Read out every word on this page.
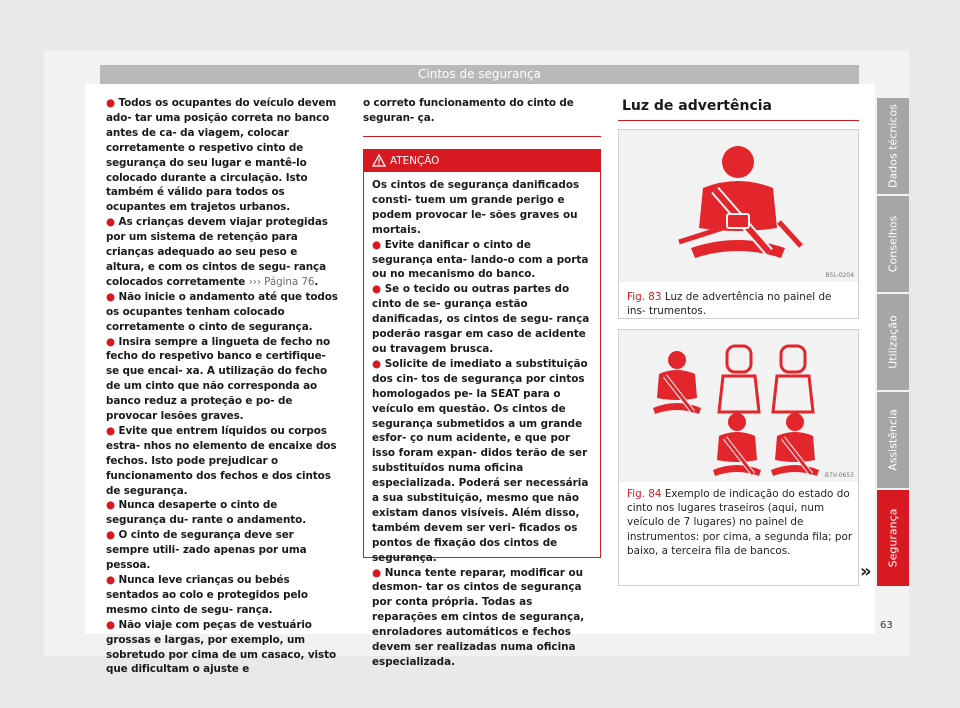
Cintos de segurança

● Todos os ocupantes do veículo devem ado- tar uma posição correta no banco antes de ca- da viagem, colocar corretamente o respetivo cinto de segurança do seu lugar e mantê-lo colocado durante a circulação. Isto também é válido para todos os ocupantes em trajetos urbanos.

● As crianças devem viajar protegidas por um sistema de retenção para crianças adequado ao seu peso e altura, e com os cintos de segu- rança colocados corretamente ››› Página 76.

● Não inicie o andamento até que todos os ocupantes tenham colocado corretamente o cinto de segurança.

● Insira sempre a lingueta de fecho no fecho do respetivo banco e certifique-se que encai- xa. A utilização do fecho de um cinto que não corresponda ao banco reduz a proteção e po- de provocar lesões graves.

● Evite que entrem líquidos ou corpos estra- nhos no elemento de encaixe dos fechos. Isto pode prejudicar o funcionamento dos fechos e dos cintos de segurança.

● Nunca desaperte o cinto de segurança du- rante o andamento.

● O cinto de segurança deve ser sempre utili- zado apenas por uma pessoa.

● Nunca leve crianças ou bebés sentados ao colo e protegidos pelo mesmo cinto de segu- rança.

● Não viaje com peças de vestuário grossas e largas, por exemplo, um sobretudo por cima de um casaco, visto que dificultam o ajuste e

o correto funcionamento do cinto de seguran- ça.
ATENÇÃO

Os cintos de segurança danificados consti- tuem um grande perigo e podem provocar le- sões graves ou mortais.

● Evite danificar o cinto de segurança enta- lando-o com a porta ou no mecanismo do banco.

● Se o tecido ou outras partes do cinto de se- gurança estão danificadas, os cintos de segu- rança poderão rasgar em caso de acidente ou travagem brusca.

● Solicite de imediato a substituição dos cin- tos de segurança por cintos homologados pe- la SEAT para o veículo em questão. Os cintos de segurança submetidos a um grande esfor- ço num acidente, e que por isso foram expan- didos terão de ser substituídos numa oficina especializada. Poderá ser necessária a sua substituição, mesmo que não existam danos visíveis. Além disso, também devem ser veri- ficados os pontos de fixação dos cintos de segurança.

● Nunca tente reparar, modificar ou desmon- tar os cintos de segurança por conta própria. Todas as reparações em cintos de segurança, enroladores automáticos e fechos devem ser realizadas numa oficina especializada.

Luz de advertência
B5L-0204
Fig. 83 Luz de advertência no painel de ins- trumentos.
B7V-0653
Fig. 84 Exemplo de indicação do estado do cinto nos lugares traseiros (aqui, num veículo de 7 lugares) no painel de instrumentos: por cima, a segunda fila; por baixo, a terceira fila de bancos.
»
Dados técnicos
Conselhos
Utilização
Assistência
Segurança
63
